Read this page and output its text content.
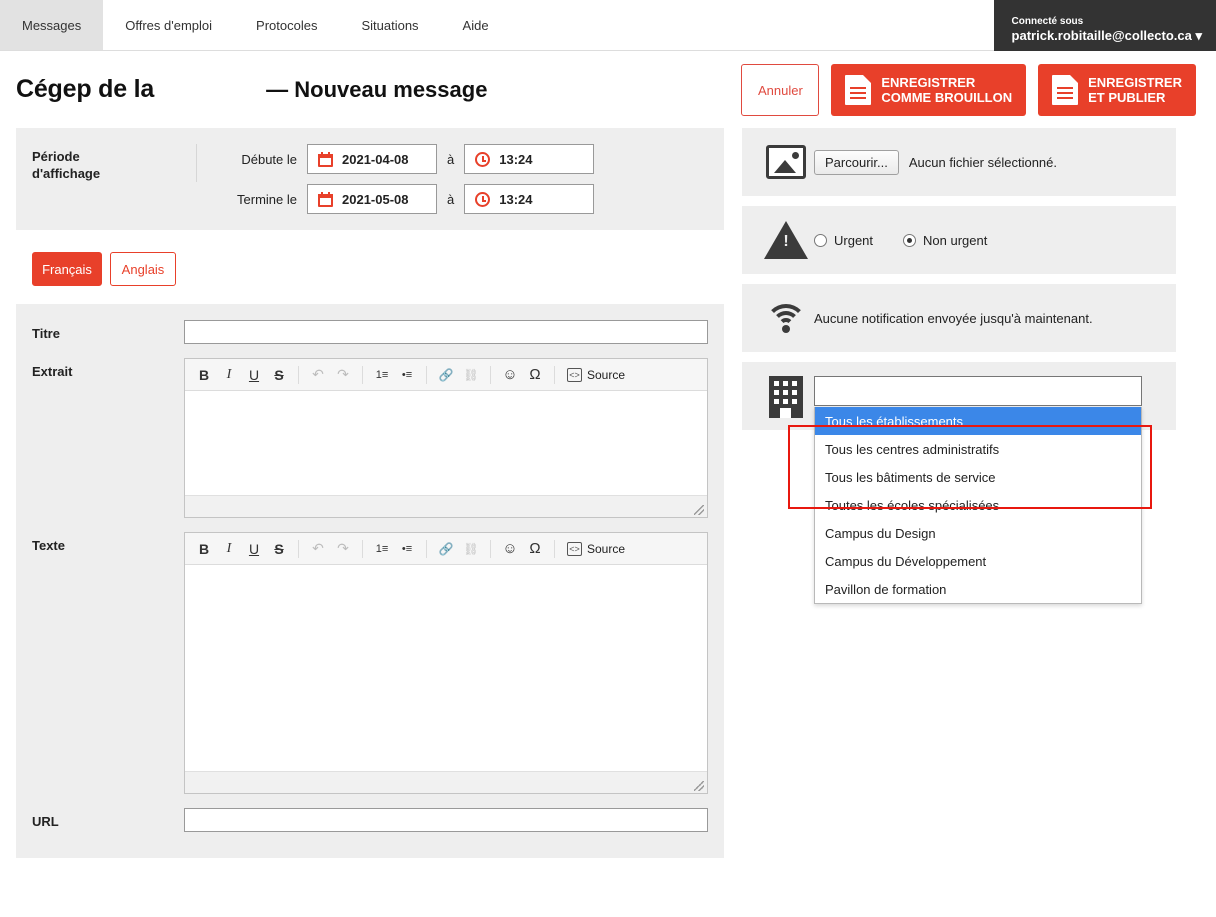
Messages	Offres d'emploi	Protocoles	Situations	Aide	Connecté sous
patrick.robitaille@collecto.ca ▾
Cégep de la	— Nouveau message	Annuler	ENREGISTRER
COMME BROUILLON
ENREGISTRER
ET PUBLIER
Période
d'affichage
Débute le	2021-04-08	à	13:24
Termine le	2021-05-08	à	13:24
Français Anglais
Titre
Extrait	B	I	U	S	↶ ↷	1≡	•≡	🔗 ⛓ ☺ Ω	<> Source
Texte	B	I	U	S	↶ ↷	1≡	•≡	🔗 ⛓ ☺ Ω	<> Source
URL
Parcourir...	Aucun fichier sélectionné.
!
Urgent	Non urgent
Aucune notification envoyée jusqu'à maintenant.
Tous les établissements
Tous les centres administratifs
Tous les bâtiments de service
Toutes les écoles spécialisées
Campus du Design
Campus du Développement
Pavillon de formation
